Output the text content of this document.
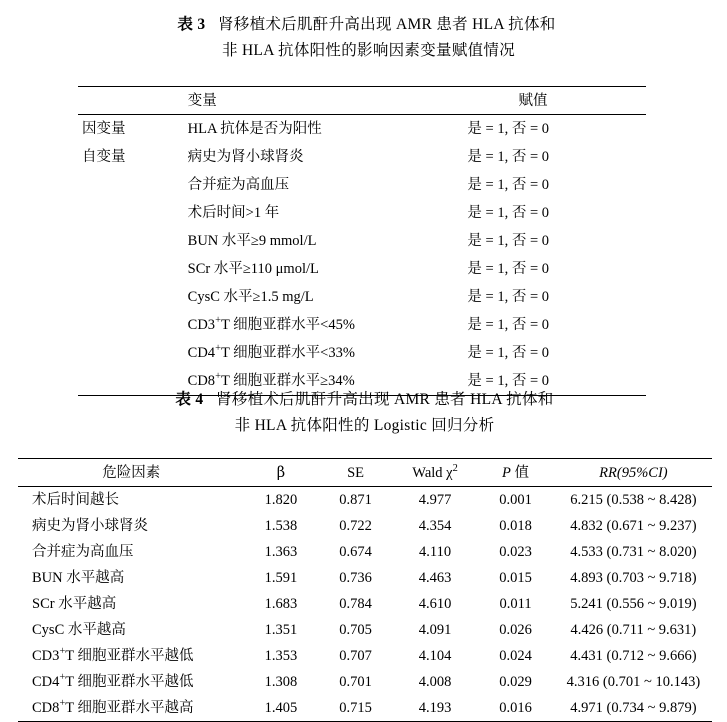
表 3 肾移植术后肌酐升高出现 AMR 患者 HLA 抗体和
非 HLA 抗体阳性的影响因素变量赋值情况
变量	赋值
因变量	HLA 抗体是否为阳性	是 = 1, 否 = 0
自变量	病史为肾小球肾炎	是 = 1, 否 = 0
	合并症为高血压	是 = 1, 否 = 0
	术后时间>1 年	是 = 1, 否 = 0
	BUN 水平≥9 mmol/L	是 = 1, 否 = 0
	SCr 水平≥110 μmol/L	是 = 1, 否 = 0
	CysC 水平≥1.5 mg/L	是 = 1, 否 = 0
	CD3+T 细胞亚群水平<45%	是 = 1, 否 = 0
	CD4+T 细胞亚群水平<33%	是 = 1, 否 = 0
	CD8+T 细胞亚群水平≥34%	是 = 1, 否 = 0
表 4 肾移植术后肌酐升高出现 AMR 患者 HLA 抗体和
非 HLA 抗体阳性的 Logistic 回归分析
危险因素	β	SE	Wald $\chi^2$	P 值	RR(95%CI)
术后时间越长	1.820	0.871	4.977	0.001	6.215 (0.538 ~ 8.428)
病史为肾小球肾炎	1.538	0.722	4.354	0.018	4.832 (0.671 ~ 9.237)
合并症为高血压	1.363	0.674	4.110	0.023	4.533 (0.731 ~ 8.020)
BUN 水平越高	1.591	0.736	4.463	0.015	4.893 (0.703 ~ 9.718)
SCr 水平越高	1.683	0.784	4.610	0.011	5.241 (0.556 ~ 9.019)
CysC 水平越高	1.351	0.705	4.091	0.026	4.426 (0.711 ~ 9.631)
CD3+T 细胞亚群水平越低	1.353	0.707	4.104	0.024	4.431 (0.712 ~ 9.666)
CD4+T 细胞亚群水平越低	1.308	0.701	4.008	0.029	4.316 (0.701 ~ 10.143)
CD8+T 细胞亚群水平越高	1.405	0.715	4.193	0.016	4.971 (0.734 ~ 9.879)
